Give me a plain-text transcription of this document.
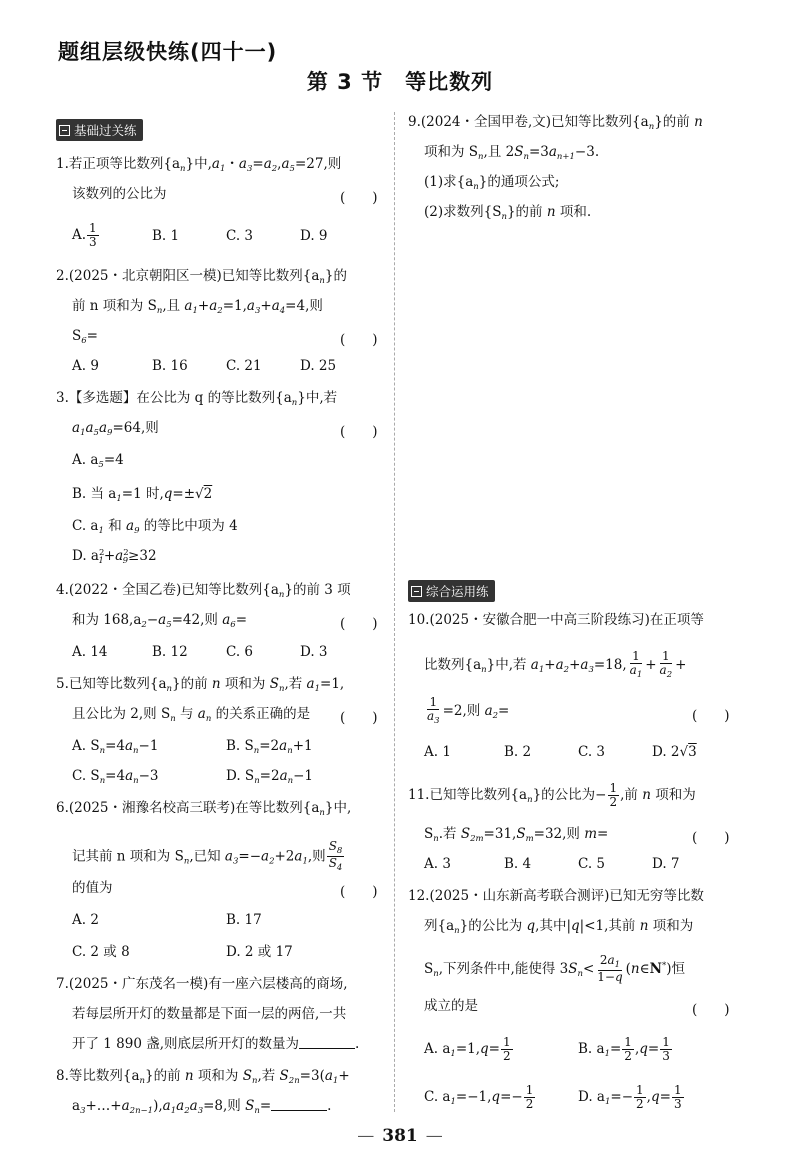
题组层级快练(四十一)
第 3 节　等比数列
基础过关练
1.若正项等比数列$\{a_n\}$中$,a_1$・$a_3=a_2,a_5=27$,则
该数列的公比为	(　　)
A. $\frac{1}{3}$	B. 1	C. 3	D. 9
2.(2025・北京朝阳区一模)已知等比数列$\{a_n\}$的
前 n 项和为 $S_n$,且 $a_1+a_2=1,a_3+a_4=4$,则
$S_6=$	(　　)
A. 9	B. 16	C. 21	D. 25
3.【多选题】在公比为 q 的等比数列$\{a_n\}$中,若
$a_1a_5a_9=64$,则	(　　)
A. $a_5=4$
B. 当 $a_1=1$ 时,q=±√2
C. $a_1$ 和 $a_9$ 的等比中项为 4
D. $a^2_1+a^2_9\ge 32$
4.(2022・全国乙卷)已知等比数列$\{a_n\}$的前 3 项
和为 $168,a_2-a_5=42$,则 $a_6=$	(　　)
A. 14	B. 12	C. 6	D. 3
5.已知等比数列$\{a_n\}$的前 n 项和为 $S_n$,若 $a_1=1$,
且公比为 2,则 $S_n$ 与 $a_n$ 的关系正确的是 (　　)
A. $S_n=4a_n-1$	B. $S_n=2a_n+1$
C. $S_n=4a_n-3$	D. $S_n=2a_n-1$
6.(2025・湘豫名校高三联考)在等比数列$\{a_n\}$中,
记其前 n 项和为 $S_n$,已知 $a_3=-a_2+2a_1$,则 $\frac{S_8}{S_4}$
的值为	(　　)
A. 2	B. 17
C. 2 或 8	D. 2 或 17
7.(2025・广东茂名一模)有一座六层楼高的商场,
若每层所开灯的数量都是下面一层的两倍,一共
开了 1 890 盏,则底层所开灯的数量为	.
8.等比数列$\{a_n\}$的前 n 项和为 $S_n$,若 $S_{2n}=3(a_1+$
$a_3+\dots+a_{2n-1}),a_1a_2a_3=8$,则 $S_n=$	.
9.(2024・全国甲卷,文)已知等比数列$\{a_n\}$的前 n
项和为 $S_n$,且 $2S_n=3a_{n+1}-3$.
(1)求$\{a_n\}$的通项公式;
(2)求数列$\{S_n\}$的前 n 项和.
综合运用练
10.(2025・安徽合肥一中高三阶段练习)在正项等
比数列$\{a_n\}$中,若 $a_1+a_2+a_3=18$, $\frac{1}{a_1} + \frac{1}{a_2}$ +
$\frac{1}{a_3} =2$,则 $a_2=$	(　　)
A. 1	B. 2	C. 3	D. 2√3
11.已知等比数列$\{a_n\}$的公比为− $\frac{1}{2}$ ,前 n 项和为
$S_n$.若 $S_{2m}=31,S_m=32$,则 m=	(　　)
A. 3	B. 4	C. 5	D. 7
12.(2025・山东新高考联合测评)已知无穷等比数
列$\{a_n\}$的公比为 q,其中|q|<1,其前 n 项和为
$S_n$,下列条件中,能使得 $3S_n< \frac{2a_1}{1-q}$ (n∈N*)恒
成立的是	(　　)
A. $a_1=1,q= \frac{1}{2}$	B. $a_1= \frac{1}{2} ,q= \frac{1}{3}$
C. $a_1=-1,q=- \frac{1}{2}$	D. $a_1=- \frac{1}{2} ,q= \frac{1}{3}$
— 381 —
